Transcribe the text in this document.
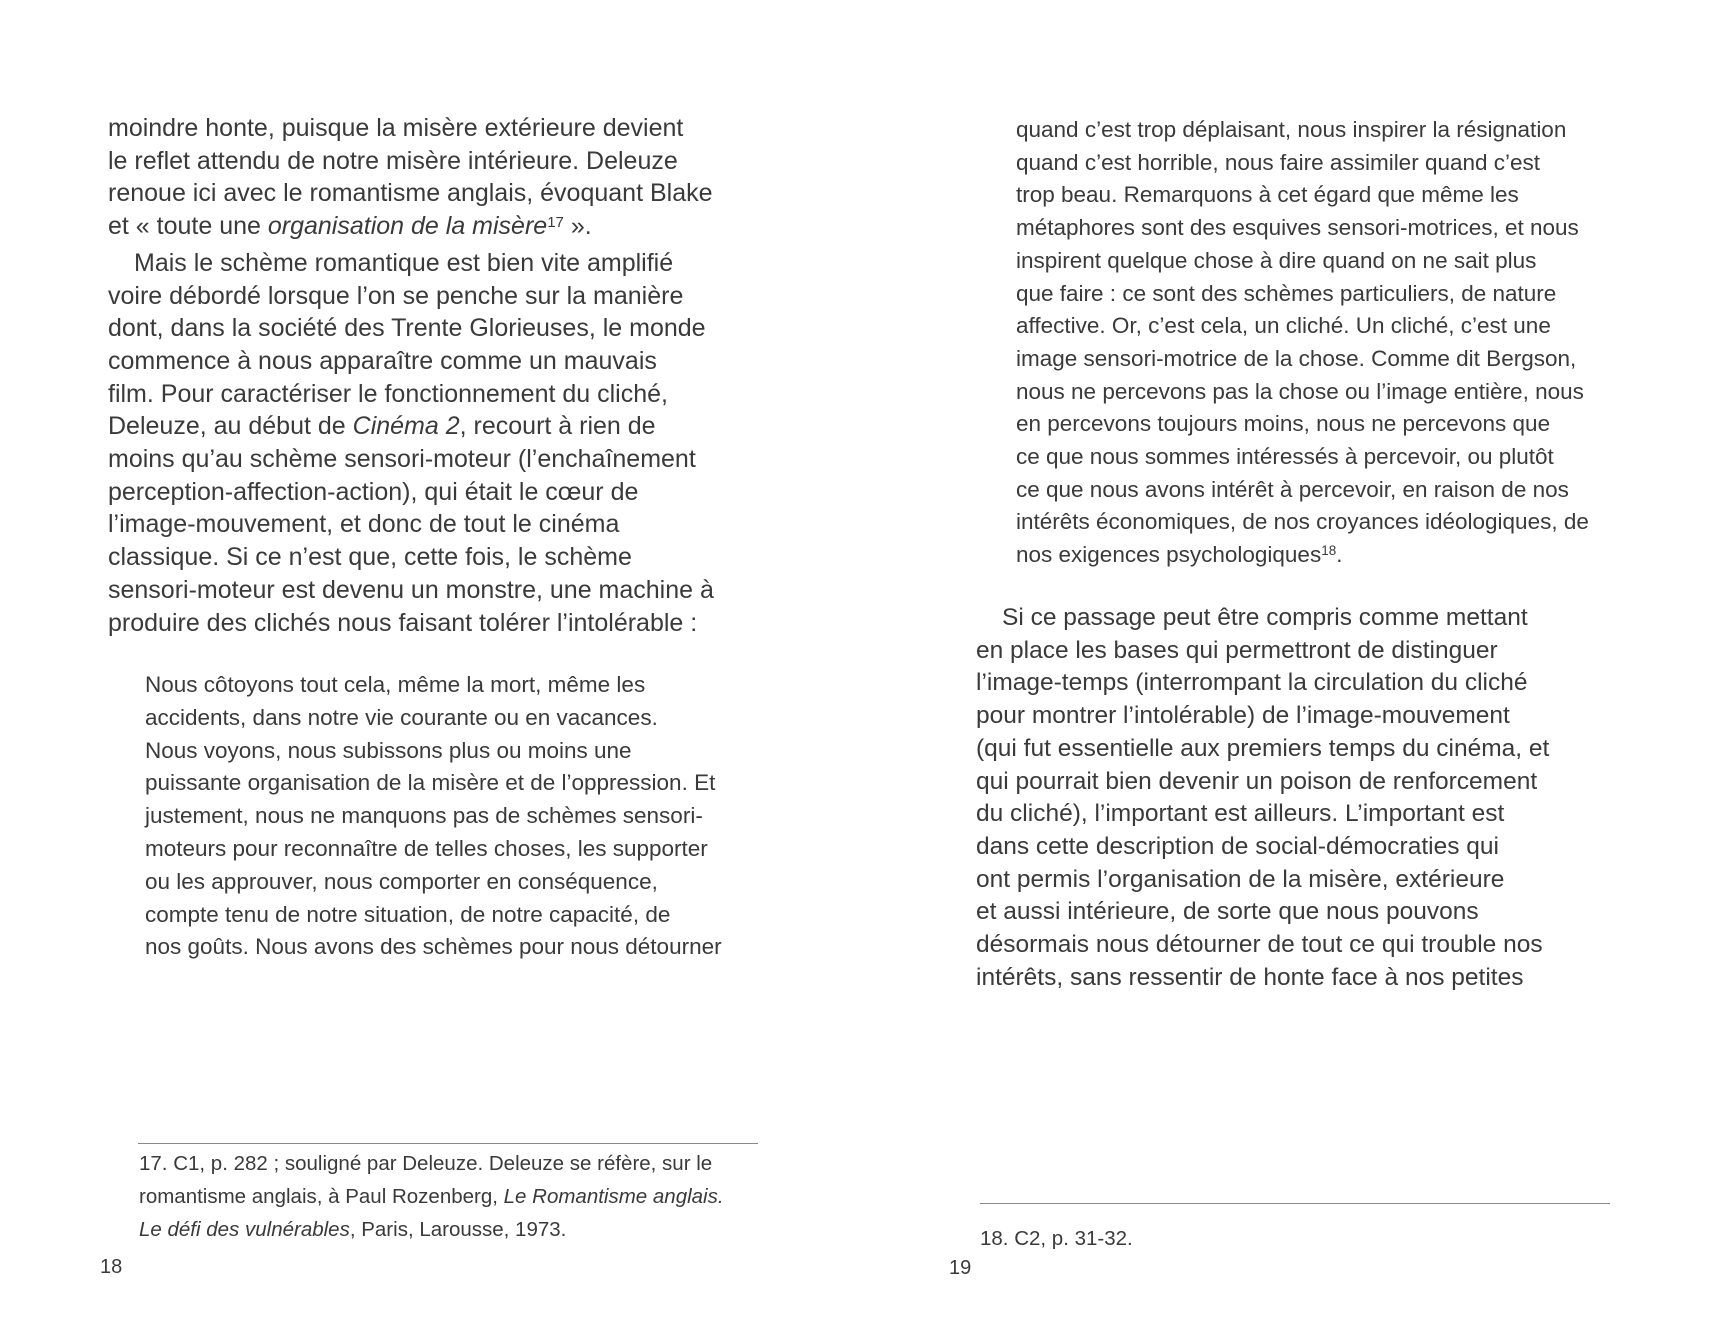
moindre honte, puisque la misère extérieure devient
le reflet attendu de notre misère intérieure. Deleuze
renoue ici avec le romantisme anglais, évoquant Blake
et « toute une organisation de la misère$^{17}$ ».
Mais le schème romantique est bien vite amplifié
voire débordé lorsque l’on se penche sur la manière
dont, dans la société des Trente Glorieuses, le monde
commence à nous apparaître comme un mauvais
film. Pour caractériser le fonctionnement du cliché,
Deleuze, au début de Cinéma 2, recourt à rien de
moins qu’au schème sensori-moteur (l’enchaînement
perception-affection-action), qui était le cœur de
l’image-mouvement, et donc de tout le cinéma
classique. Si ce n’est que, cette fois, le schème
sensori-moteur est devenu un monstre, une machine à
produire des clichés nous faisant tolérer l’intolérable :
Nous côtoyons tout cela, même la mort, même les
accidents, dans notre vie courante ou en vacances.
Nous voyons, nous subissons plus ou moins une
puissante organisation de la misère et de l’oppression. Et
justement, nous ne manquons pas de schèmes sensori-
moteurs pour reconnaître de telles choses, les supporter
ou les approuver, nous comporter en conséquence,
compte tenu de notre situation, de notre capacité, de
nos goûts. Nous avons des schèmes pour nous détourner
17. C1, p. 282 ; souligné par Deleuze. Deleuze se réfère, sur le
romantisme anglais, à Paul Rozenberg, Le Romantisme anglais.
Le défi des vulnérables, Paris, Larousse, 1973.
18
quand c’est trop déplaisant, nous inspirer la résignation
quand c’est horrible, nous faire assimiler quand c’est
trop beau. Remarquons à cet égard que même les
métaphores sont des esquives sensori-motrices, et nous
inspirent quelque chose à dire quand on ne sait plus
que faire : ce sont des schèmes particuliers, de nature
affective. Or, c’est cela, un cliché. Un cliché, c’est une
image sensori-motrice de la chose. Comme dit Bergson,
nous ne percevons pas la chose ou l’image entière, nous
en percevons toujours moins, nous ne percevons que
ce que nous sommes intéressés à percevoir, ou plutôt
ce que nous avons intérêt à percevoir, en raison de nos
intérêts économiques, de nos croyances idéologiques, de
nos exigences psychologiques$^{18}$.
Si ce passage peut être compris comme mettant
en place les bases qui permettront de distinguer
l’image-temps (interrompant la circulation du cliché
pour montrer l’intolérable) de l’image-mouvement
(qui fut essentielle aux premiers temps du cinéma, et
qui pourrait bien devenir un poison de renforcement
du cliché), l’important est ailleurs. L’important est
dans cette description de social-démocraties qui
ont permis l’organisation de la misère, extérieure
et aussi intérieure, de sorte que nous pouvons
désormais nous détourner de tout ce qui trouble nos
intérêts, sans ressentir de honte face à nos petites
18. C2, p. 31-32.
19
